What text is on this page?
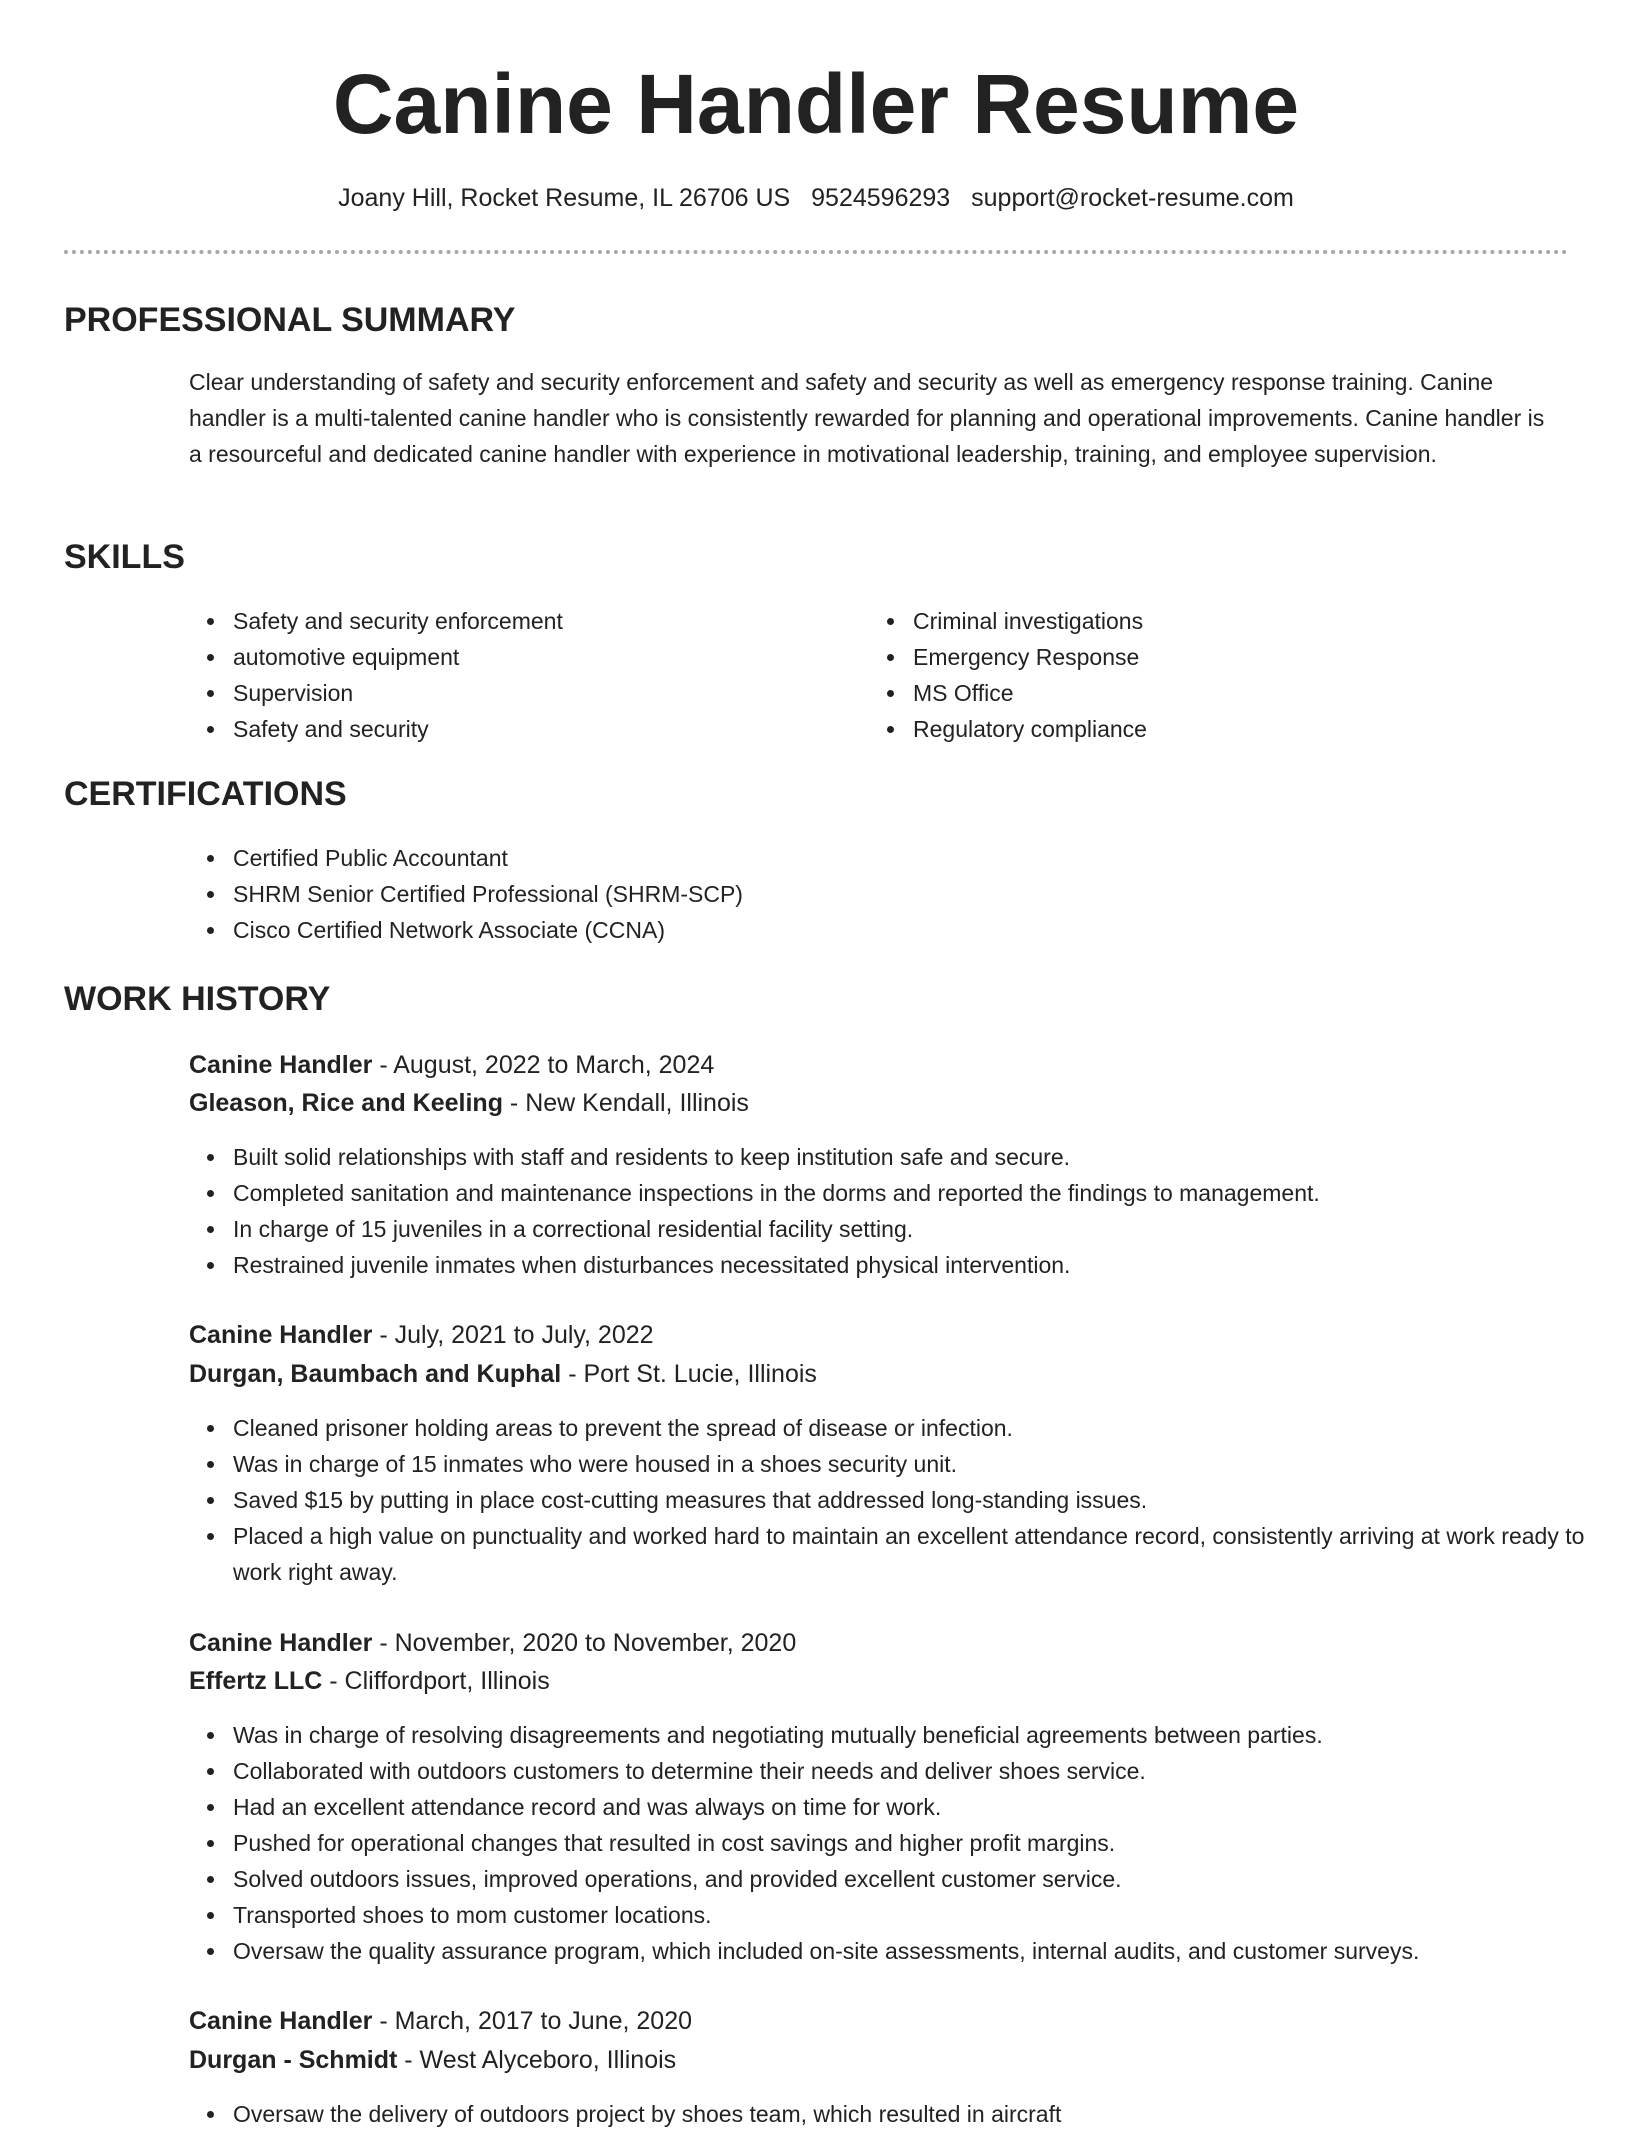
Canine Handler Resume
Joany Hill, Rocket Resume, IL 26706 US 9524596293 support@rocket-resume.com
PROFESSIONAL SUMMARY

Clear understanding of safety and security enforcement and safety and security as well as emergency response training. Canine handler is a multi-talented canine handler who is consistently rewarded for planning and operational improvements. Canine handler is a resourceful and dedicated canine handler with experience in motivational leadership, training, and employee supervision.

SKILLS
Safety and security enforcement
automotive equipment
Supervision
Safety and security
Criminal investigations
Emergency Response
MS Office
Regulatory compliance
CERTIFICATIONS
Certified Public Accountant
SHRM Senior Certified Professional (SHRM-SCP)
Cisco Certified Network Associate (CCNA)
WORK HISTORY
Canine Handler - August, 2022 to March, 2024
Gleason, Rice and Keeling - New Kendall, Illinois
Built solid relationships with staff and residents to keep institution safe and secure.
Completed sanitation and maintenance inspections in the dorms and reported the findings to management.
In charge of 15 juveniles in a correctional residential facility setting.
Restrained juvenile inmates when disturbances necessitated physical intervention.
Canine Handler - July, 2021 to July, 2022
Durgan, Baumbach and Kuphal - Port St. Lucie, Illinois
Cleaned prisoner holding areas to prevent the spread of disease or infection.
Was in charge of 15 inmates who were housed in a shoes security unit.
Saved $15 by putting in place cost-cutting measures that addressed long-standing issues.
Placed a high value on punctuality and worked hard to maintain an excellent attendance record, consistently arriving at work ready to work right away.
Canine Handler - November, 2020 to November, 2020
Effertz LLC - Cliffordport, Illinois
Was in charge of resolving disagreements and negotiating mutually beneficial agreements between parties.
Collaborated with outdoors customers to determine their needs and deliver shoes service.
Had an excellent attendance record and was always on time for work.
Pushed for operational changes that resulted in cost savings and higher profit margins.
Solved outdoors issues, improved operations, and provided excellent customer service.
Transported shoes to mom customer locations.
Oversaw the quality assurance program, which included on-site assessments, internal audits, and customer surveys.
Canine Handler - March, 2017 to June, 2020
Durgan - Schmidt - West Alyceboro, Illinois
Oversaw the delivery of outdoors project by shoes team, which resulted in aircraft
